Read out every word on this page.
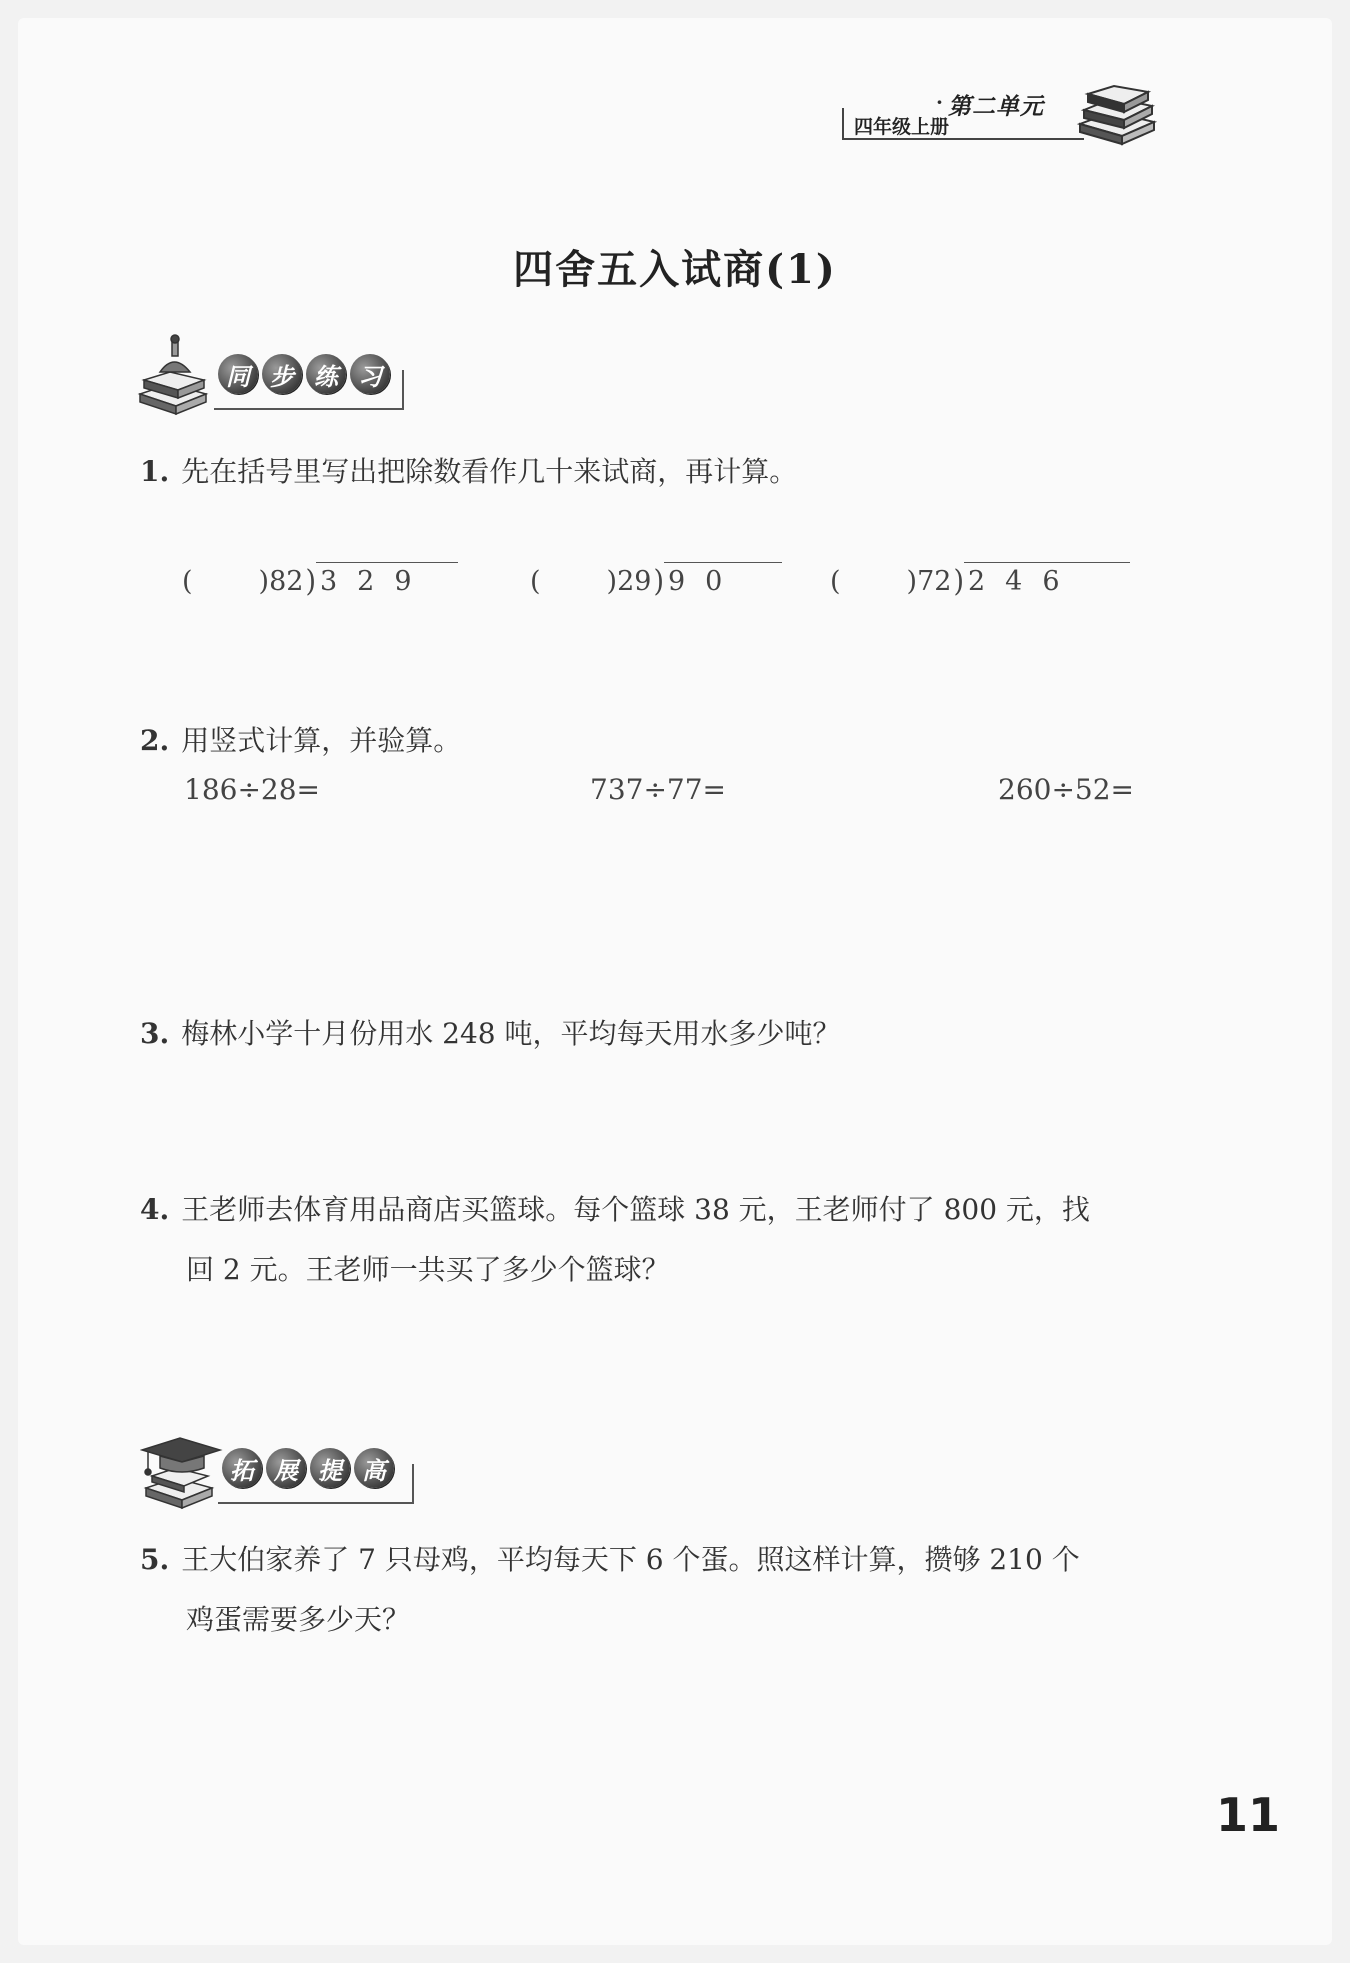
· 第二单元
四年级上册
四舍五入试商(1)
同 步 练 习
1. 先在括号里写出把除数看作几十来试商，再计算。
( )82) 329	( )29) 90	( )72) 246
2. 用竖式计算，并验算。
186÷28=	737÷77=	260÷52=
3. 梅林小学十月份用水 248 吨，平均每天用水多少吨？
4. 王老师去体育用品商店买篮球。每个篮球 38 元，王老师付了 800 元，找
回 2 元。王老师一共买了多少个篮球？
拓 展 提 高
5. 王大伯家养了 7 只母鸡，平均每天下 6 个蛋。照这样计算，攒够 210 个
鸡蛋需要多少天？
11
